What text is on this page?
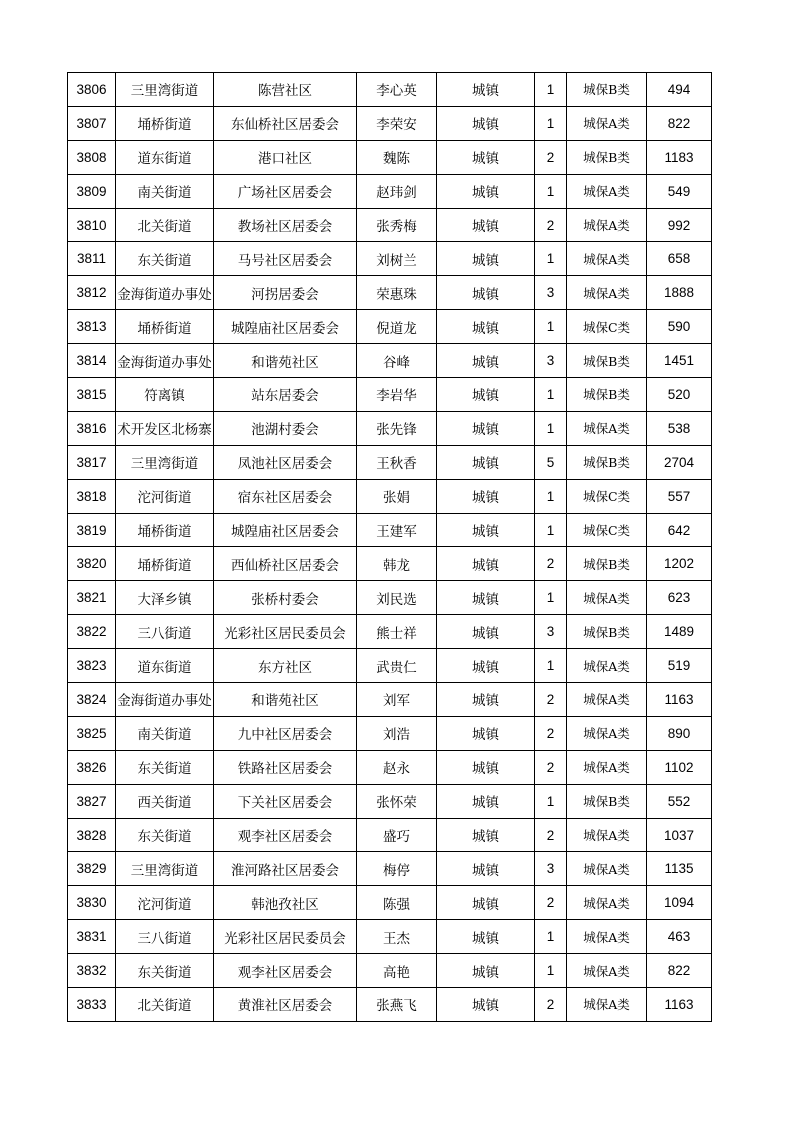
3806	三里湾街道	陈营社区	李心英	城镇	1	城保B类	494
3807	埇桥街道	东仙桥社区居委会	李荣安	城镇	1	城保A类	822
3808	道东街道	港口社区	魏陈	城镇	2	城保B类	1183
3809	南关街道	广场社区居委会	赵玮剑	城镇	1	城保A类	549
3810	北关街道	教场社区居委会	张秀梅	城镇	2	城保A类	992
3811	东关街道	马号社区居委会	刘树兰	城镇	1	城保A类	658
3812	金海街道办事处	河拐居委会	荣惠珠	城镇	3	城保A类	1888
3813	埇桥街道	城隍庙社区居委会	倪道龙	城镇	1	城保C类	590
3814	金海街道办事处	和谐苑社区	谷峰	城镇	3	城保B类	1451
3815	符离镇	站东居委会	李岩华	城镇	1	城保B类	520
3816	术开发区北杨寨	池湖村委会	张先锋	城镇	1	城保A类	538
3817	三里湾街道	凤池社区居委会	王秋香	城镇	5	城保B类	2704
3818	沱河街道	宿东社区居委会	张娟	城镇	1	城保C类	557
3819	埇桥街道	城隍庙社区居委会	王建军	城镇	1	城保C类	642
3820	埇桥街道	西仙桥社区居委会	韩龙	城镇	2	城保B类	1202
3821	大泽乡镇	张桥村委会	刘民选	城镇	1	城保A类	623
3822	三八街道	光彩社区居民委员会	熊士祥	城镇	3	城保B类	1489
3823	道东街道	东方社区	武贵仁	城镇	1	城保A类	519
3824	金海街道办事处	和谐苑社区	刘军	城镇	2	城保A类	1163
3825	南关街道	九中社区居委会	刘浩	城镇	2	城保A类	890
3826	东关街道	铁路社区居委会	赵永	城镇	2	城保A类	1102
3827	西关街道	下关社区居委会	张怀荣	城镇	1	城保B类	552
3828	东关街道	观李社区居委会	盛巧	城镇	2	城保A类	1037
3829	三里湾街道	淮河路社区居委会	梅停	城镇	3	城保A类	1135
3830	沱河街道	韩池孜社区	陈强	城镇	2	城保A类	1094
3831	三八街道	光彩社区居民委员会	王杰	城镇	1	城保A类	463
3832	东关街道	观李社区居委会	高艳	城镇	1	城保A类	822
3833	北关街道	黄淮社区居委会	张燕飞	城镇	2	城保A类	1163
